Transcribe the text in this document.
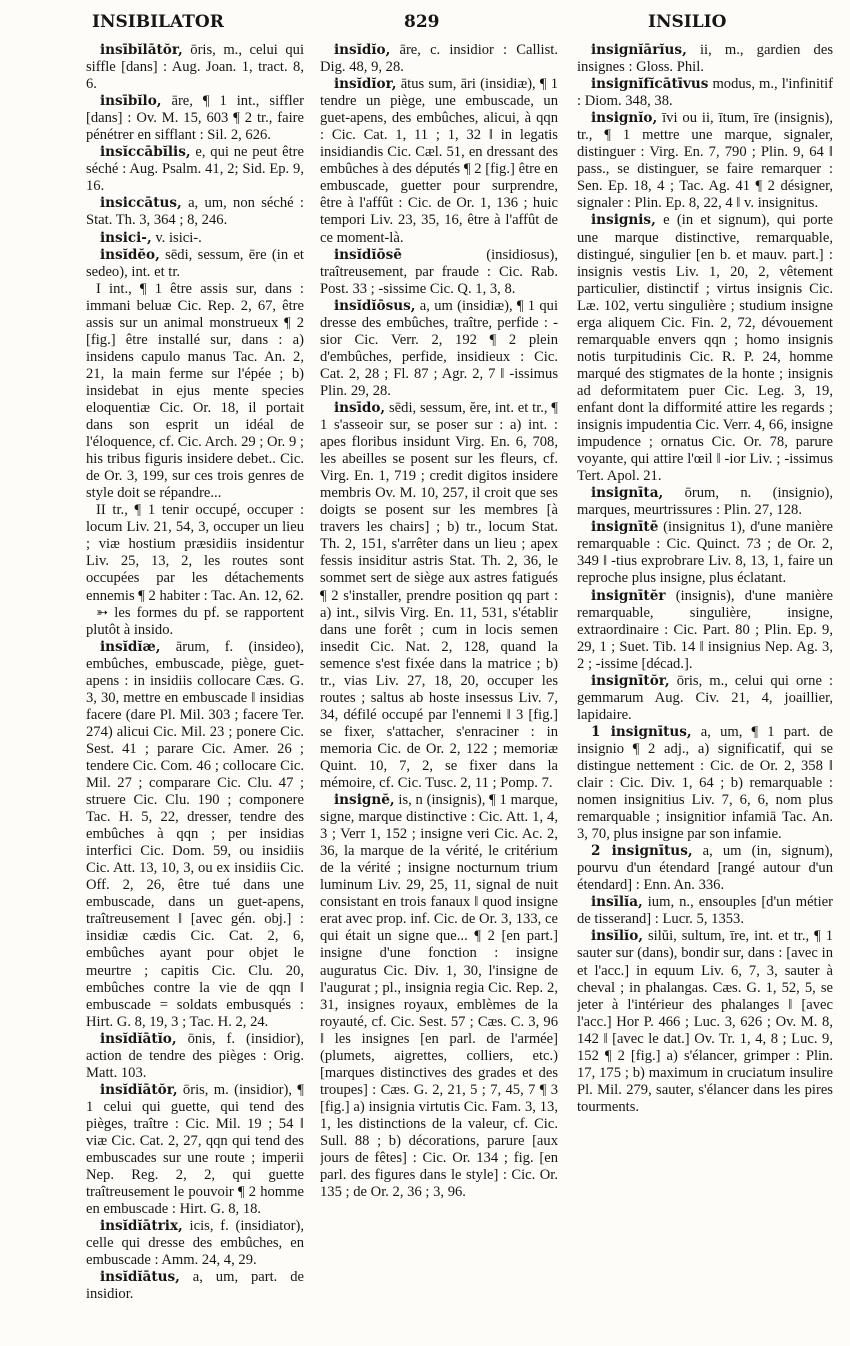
INSIBILATOR	829	INSILIO

insībĭlātŏr, ōris, m., celui qui siffle [dans] : Aug. Joan. 1, tract. 8, 6.

insībĭlo, āre, ¶ 1 int., siffler [dans] : Ov. M. 15, 603 ¶ 2 tr., faire pénétrer en sifflant : Sil. 2, 626.

insĭccābĭlis, e, qui ne peut être séché : Aug. Psalm. 41, 2; Sid. Ep. 9, 16.

insiccātus, a, um, non séché : Stat. Th. 3, 364 ; 8, 246.

insici-, v. isici-.

insĭdĕo, sēdi, sessum, ēre (in et sedeo), int. et tr.

I int., ¶ 1 être assis sur, dans : immani beluæ Cic. Rep. 2, 67, être assis sur un animal monstrueux ¶ 2 [fig.] être installé sur, dans : a) insidens capulo manus Tac. An. 2, 21, la main ferme sur l'épée ; b) insidebat in ejus mente species eloquentiæ Cic. Or. 18, il portait dans son esprit un idéal de l'éloquence, cf. Cic. Arch. 29 ; Or. 9 ; his tribus figuris insidere debet.. Cic. de Or. 3, 199, sur ces trois genres de style doit se répandre...

II tr., ¶ 1 tenir occupé, occuper : locum Liv. 21, 54, 3, occuper un lieu ; viæ hostium præsidiis insidentur Liv. 25, 13, 2, les routes sont occupées par les détachements ennemis ¶ 2 habiter : Tac. An. 12, 62.

➳ les formes du pf. se rapportent plutôt à insido.

insĭdĭæ, ārum, f. (insideo), embûches, embuscade, piège, guet-apens : in insidiis collocare Cæs. G. 3, 30, mettre en embuscade ‖ insidias facere (dare Pl. Mil. 303 ; facere Ter. 274) alicui Cic. Mil. 23 ; ponere Cic. Sest. 41 ; parare Cic. Amer. 26 ; tendere Cic. Com. 46 ; collocare Cic. Mil. 27 ; comparare Cic. Clu. 47 ; struere Cic. Clu. 190 ; componere Tac. H. 5, 22, dresser, tendre des embûches à qqn ; per insidias interfici Cic. Dom. 59, ou insidiis Cic. Att. 13, 10, 3, ou ex insidiis Cic. Off. 2, 26, être tué dans une embuscade, dans un guet-apens, traîtreusement ‖ [avec gén. obj.] : insidiæ cædis Cic. Cat. 2, 6, embûches ayant pour objet le meurtre ; capitis Cic. Clu. 20, embûches contre la vie de qqn ‖ embuscade = soldats embusqués : Hirt. G. 8, 19, 3 ; Tac. H. 2, 24.

insĭdĭātĭo, ōnis, f. (insidior), action de tendre des pièges : Orig. Matt. 103.

insĭdĭātŏr, ōris, m. (insidior), ¶ 1 celui qui guette, qui tend des pièges, traître : Cic. Mil. 19 ; 54 ‖ viæ Cic. Cat. 2, 27, qqn qui tend des embuscades sur une route ; imperii Nep. Reg. 2, 2, qui guette traîtreusement le pouvoir ¶ 2 homme en embuscade : Hirt. G. 8, 18.

insĭdĭātrix, icis, f. (insidiator), celle qui dresse des embûches, en embuscade : Amm. 24, 4, 29.

insĭdĭātus, a, um, part. de insidior.

insĭdĭo, āre, c. insidior : Callist. Dig. 48, 9, 28.

insĭdĭor, ātus sum, āri (insidiæ), ¶ 1 tendre un piège, une embuscade, un guet-apens, des embûches, alicui, à qqn : Cic. Cat. 1, 11 ; 1, 32 ‖ in legatis insidiandis Cic. Cæl. 51, en dressant des embûches à des députés ¶ 2 [fig.] être en embuscade, guetter pour surprendre, être à l'affût : Cic. de Or. 1, 136 ; huic tempori Liv. 23, 35, 16, être à l'affût de ce moment-là.

insĭdĭōsē (insidiosus), traîtreusement, par fraude : Cic. Rab. Post. 33 ; -sissime Cic. Q. 1, 3, 8.

insĭdĭōsus, a, um (insidiæ), ¶ 1 qui dresse des embûches, traître, perfide : -sior Cic. Verr. 2, 192 ¶ 2 plein d'embûches, perfide, insidieux : Cic. Cat. 2, 28 ; Fl. 87 ; Agr. 2, 7 ‖ -issimus Plin. 29, 28.

insīdo, sēdi, sessum, ĕre, int. et tr., ¶ 1 s'asseoir sur, se poser sur : a) int. : apes floribus insidunt Virg. En. 6, 708, les abeilles se posent sur les fleurs, cf. Virg. En. 1, 719 ; credit digitos insidere membris Ov. M. 10, 257, il croit que ses doigts se posent sur les membres [à travers les chairs] ; b) tr., locum Stat. Th. 2, 151, s'arrêter dans un lieu ; apex fessis insiditur astris Stat. Th. 2, 36, le sommet sert de siège aux astres fatigués ¶ 2 s'installer, prendre position qq part : a) int., silvis Virg. En. 11, 531, s'établir dans une forêt ; cum in locis semen insedit Cic. Nat. 2, 128, quand la semence s'est fixée dans la matrice ; b) tr., vias Liv. 27, 18, 20, occuper les routes ; saltus ab hoste insessus Liv. 7, 34, défilé occupé par l'ennemi ‖ 3 [fig.] se fixer, s'attacher, s'enraciner : in memoria Cic. de Or. 2, 122 ; memoriæ Quint. 10, 7, 2, se fixer dans la mémoire, cf. Cic. Tusc. 2, 11 ; Pomp. 7.

insignĕ, is, n (insignis), ¶ 1 marque, signe, marque distinctive : Cic. Att. 1, 4, 3 ; Verr 1, 152 ; insigne veri Cic. Ac. 2, 36, la marque de la vérité, le critérium de la vérité ; insigne nocturnum trium luminum Liv. 29, 25, 11, signal de nuit consistant en trois fanaux ‖ quod insigne erat avec prop. inf. Cic. de Or. 3, 133, ce qui était un signe que... ¶ 2 [en part.] insigne d'une fonction : insigne auguratus Cic. Div. 1, 30, l'insigne de l'augurat ; pl., insignia regia Cic. Rep. 2, 31, insignes royaux, emblèmes de la royauté, cf. Cic. Sest. 57 ; Cæs. C. 3, 96 ‖ les insignes [en parl. de l'armée] (plumets, aigrettes, colliers, etc.) [marques distinctives des grades et des troupes] : Cæs. G. 2, 21, 5 ; 7, 45, 7 ¶ 3 [fig.] a) insignia virtutis Cic. Fam. 3, 13, 1, les distinctions de la valeur, cf. Cic. Sull. 88 ; b) décorations, parure [aux jours de fêtes] : Cic. Or. 134 ; fig. [en parl. des figures dans le style] : Cic. Or. 135 ; de Or. 2, 36 ; 3, 96.

insignĭārĭus, ii, m., gardien des insignes : Gloss. Phil.

insignĭfĭcātīvus modus, m., l'infinitif : Diom. 348, 38.

insignĭo, īvi ou ii, ītum, īre (insignis), tr., ¶ 1 mettre une marque, signaler, distinguer : Virg. En. 7, 790 ; Plin. 9, 64 ‖ pass., se distinguer, se faire remarquer : Sen. Ep. 18, 4 ; Tac. Ag. 41 ¶ 2 désigner, signaler : Plin. Ep. 8, 22, 4 ‖ v. insignitus.

insignis, e (in et signum), qui porte une marque distinctive, remarquable, distingué, singulier [en b. et mauv. part.] : insignis vestis Liv. 1, 20, 2, vêtement particulier, distinctif ; virtus insignis Cic. Læ. 102, vertu singulière ; studium insigne erga aliquem Cic. Fin. 2, 72, dévouement remarquable envers qqn ; homo insignis notis turpitudinis Cic. R. P. 24, homme marqué des stigmates de la honte ; insignis ad deformitatem puer Cic. Leg. 3, 19, enfant dont la difformité attire les regards ; insignis impudentia Cic. Verr. 4, 66, insigne impudence ; ornatus Cic. Or. 78, parure voyante, qui attire l'œil ‖ -ior Liv. ; -issimus Tert. Apol. 21.

insignīta, ōrum, n. (insignio), marques, meurtrissures : Plin. 27, 128.

insignītē (insignitus 1), d'une manière remarquable : Cic. Quinct. 73 ; de Or. 2, 349 ‖ -tius exprobrare Liv. 8, 13, 1, faire un reproche plus insigne, plus éclatant.

insignītĕr (insignis), d'une manière remarquable, singulière, insigne, extraordinaire : Cic. Part. 80 ; Plin. Ep. 9, 29, 1 ; Suet. Tib. 14 ‖ insignius Nep. Ag. 3, 2 ; -issime [décad.].

insignītŏr, ōris, m., celui qui orne : gemmarum Aug. Civ. 21, 4, joaillier, lapidaire.

1 insignītus, a, um, ¶ 1 part. de insignio ¶ 2 adj., a) significatif, qui se distingue nettement : Cic. de Or. 2, 358 ‖ clair : Cic. Div. 1, 64 ; b) remarquable : nomen insignitius Liv. 7, 6, 6, nom plus remarquable ; insignitior infamiā Tac. An. 3, 70, plus insigne par son infamie.

2 insignītus, a, um (in, signum), pourvu d'un étendard [rangé autour d'un étendard] : Enn. An. 336.

insīlĭa, ium, n., ensouples [d'un métier de tisserand] : Lucr. 5, 1353.

insĭlĭo, silŭi, sultum, īre, int. et tr., ¶ 1 sauter sur (dans), bondir sur, dans : [avec in et l'acc.] in equum Liv. 6, 7, 3, sauter à cheval ; in phalangas. Cæs. G. 1, 52, 5, se jeter à l'intérieur des phalanges ‖ [avec l'acc.] Hor P. 466 ; Luc. 3, 626 ; Ov. M. 8, 142 ‖ [avec le dat.] Ov. Tr. 1, 4, 8 ; Luc. 9, 152 ¶ 2 [fig.] a) s'élancer, grimper : Plin. 17, 175 ; b) maximum in cruciatum insulire Pl. Mil. 279, sauter, s'élancer dans les pires tourments.
